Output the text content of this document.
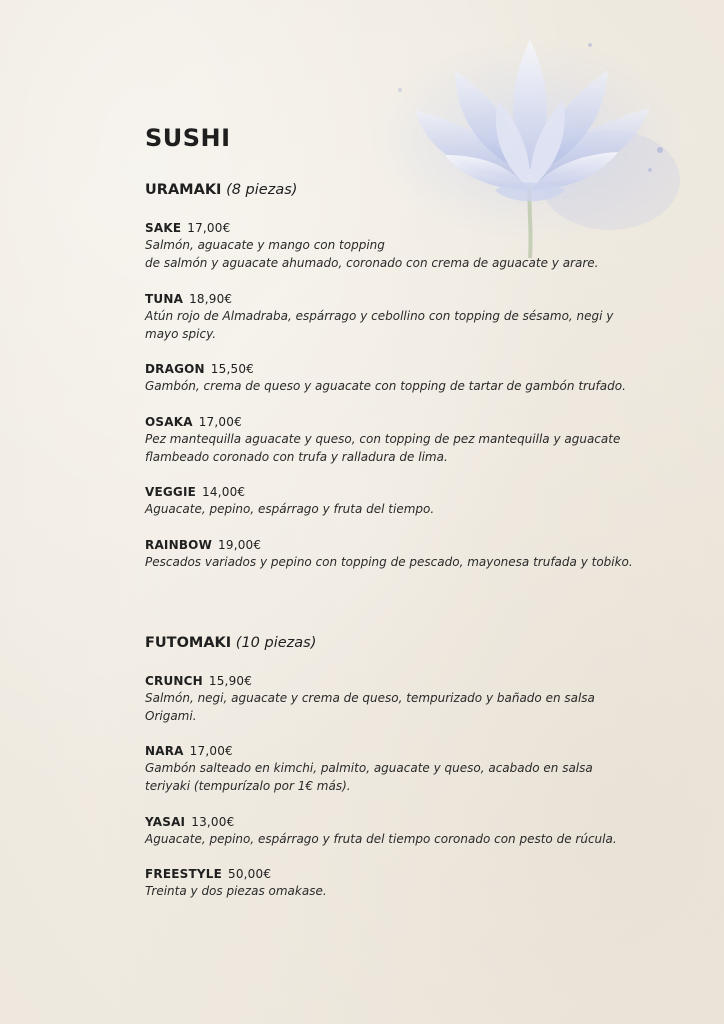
SUSHI

URAMAKI (8 piezas)

SAKE 17,00€
Salmón, aguacate y mango con topping
de salmón y aguacate ahumado, coronado con crema de aguacate y arare.
TUNA 18,90€
Atún rojo de Almadraba, espárrago y cebollino con topping de sésamo, negi y
mayo spicy.
DRAGON 15,50€
Gambón, crema de queso y aguacate con topping de tartar de gambón trufado.
OSAKA 17,00€
Pez mantequilla aguacate y queso, con topping de pez mantequilla y aguacate
flambeado coronado con trufa y ralladura de lima.
VEGGIE 14,00€
Aguacate, pepino, espárrago y fruta del tiempo.
RAINBOW 19,00€
Pescados variados y pepino con topping de pescado, mayonesa trufada y tobiko.

FUTOMAKI (10 piezas)

CRUNCH 15,90€
Salmón, negi, aguacate y crema de queso, tempurizado y bañado en salsa
Origami.
NARA 17,00€
Gambón salteado en kimchi, palmito, aguacate y queso, acabado en salsa
teriyaki (tempurízalo por 1€ más).
YASAI 13,00€
Aguacate, pepino, espárrago y fruta del tiempo coronado con pesto de rúcula.
FREESTYLE 50,00€
Treinta y dos piezas omakase.
